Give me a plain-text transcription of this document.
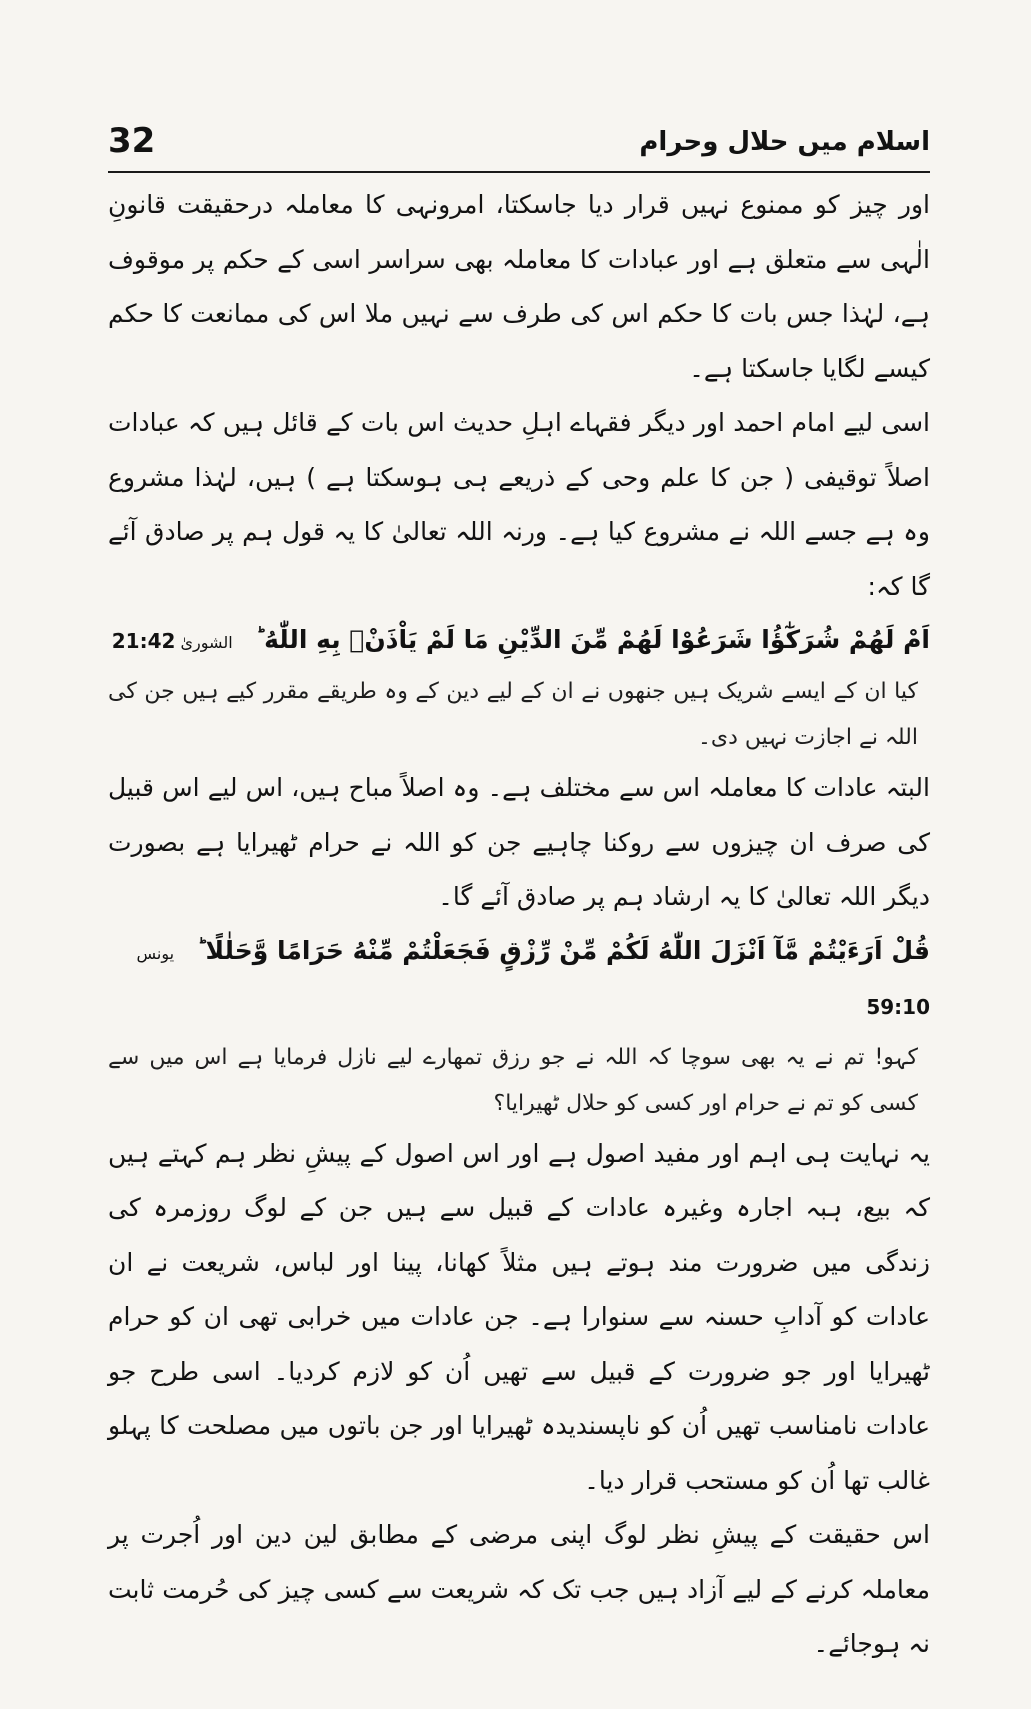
32	اسلام میں حلال وحرام

اور چیز کو ممنوع نہیں قرار دیا جاسکتا، امرونہی کا معاملہ درحقیقت قانونِ الٰہی سے متعلق ہے اور عبادات کا معاملہ بھی سراسر اسی کے حکم پر موقوف ہے، لہٰذا جس بات کا حکم اس کی طرف سے نہیں ملا اس کی ممانعت کا حکم کیسے لگایا جاسکتا ہے۔

اسی لیے امام احمد اور دیگر فقہاے اہلِ حدیث اس بات کے قائل ہیں کہ عبادات اصلاً توقیفی ( جن کا علم وحی کے ذریعے ہی ہوسکتا ہے ) ہیں، لہٰذا مشروع وہ ہے جسے اللہ نے مشروع کیا ہے۔ ورنہ اللہ تعالیٰ کا یہ قول ہم پر صادق آئے گا کہ:

اَمْ لَهُمْ شُرَكٰٓؤُا شَرَعُوْا لَهُمْ مِّنَ الدِّيْنِ مَا لَمْ يَاْذَنْۢ بِهِ اللّٰهُ ؕ الشوریٰ 21:42

کیا ان کے ایسے شریک ہیں جنھوں نے ان کے لیے دین کے وہ طریقے مقرر کیے ہیں جن کی اللہ نے اجازت نہیں دی۔

البتہ عادات کا معاملہ اس سے مختلف ہے۔ وہ اصلاً مباح ہیں، اس لیے اس قبیل کی صرف ان چیزوں سے روکنا چاہیے جن کو اللہ نے حرام ٹھیرایا ہے بصورت دیگر اللہ تعالیٰ کا یہ ارشاد ہم پر صادق آئے گا۔

قُلْ اَرَءَيْتُمْ مَّآ اَنْزَلَ اللّٰهُ لَكُمْ مِّنْ رِّزْقٍ فَجَعَلْتُمْ مِّنْهُ حَرَامًا وَّحَلٰلًا ؕ یونس 59:10

کہو! تم نے یہ بھی سوچا کہ اللہ نے جو رزق تمھارے لیے نازل فرمایا ہے اس میں سے کسی کو تم نے حرام اور کسی کو حلال ٹھیرایا؟

یہ نہایت ہی اہم اور مفید اصول ہے اور اس اصول کے پیشِ نظر ہم کہتے ہیں کہ بیع، ہبہ اجارہ وغیرہ عادات کے قبیل سے ہیں جن کے لوگ روزمرہ کی زندگی میں ضرورت مند ہوتے ہیں مثلاً کھانا، پینا اور لباس، شریعت نے ان عادات کو آدابِ حسنہ سے سنوارا ہے۔ جن عادات میں خرابی تھی ان کو حرام ٹھیرایا اور جو ضرورت کے قبیل سے تھیں اُن کو لازم کردیا۔ اسی طرح جو عادات نامناسب تھیں اُن کو ناپسندیدہ ٹھیرایا اور جن باتوں میں مصلحت کا پہلو غالب تھا اُن کو مستحب قرار دیا۔

اس حقیقت کے پیشِ نظر لوگ اپنی مرضی کے مطابق لین دین اور اُجرت پر معاملہ کرنے کے لیے آزاد ہیں جب تک کہ شریعت سے کسی چیز کی حُرمت ثابت نہ ہوجائے۔
